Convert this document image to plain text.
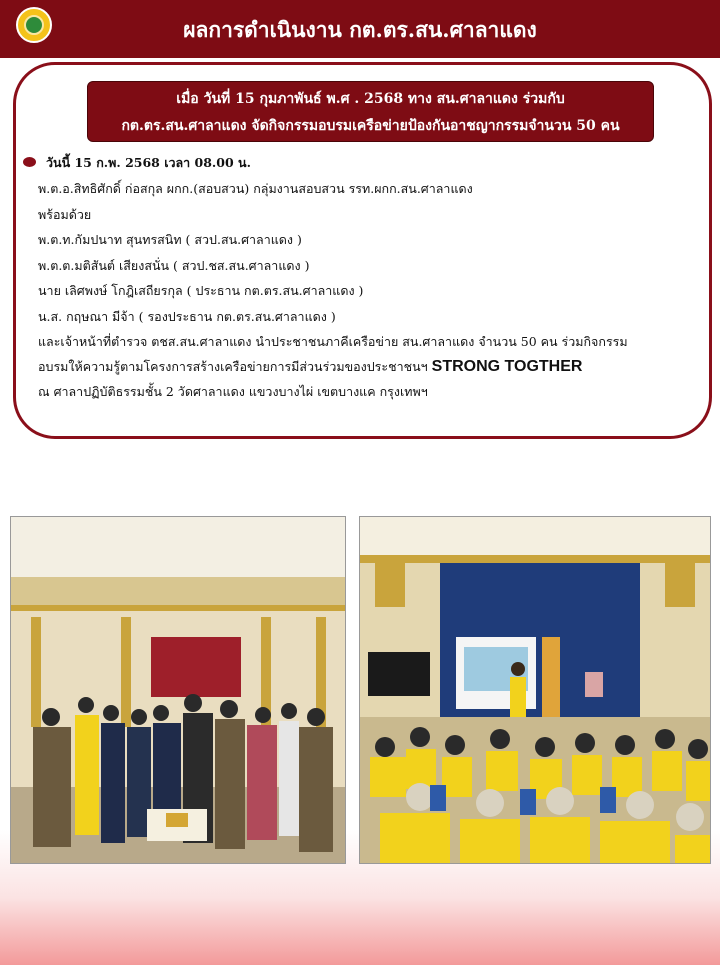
ผลการดำเนินงาน กต.ตร.สน.ศาลาแดง
เมื่อ วันที่ 15 กุมภาพันธ์ พ.ศ . 2568 ทาง สน.ศาลาแดง ร่วมกับ
กต.ตร.สน.ศาลาแดง จัดกิจกรรมอบรมเครือข่ายป้องกันอาชญากรรมจำนวน 50 คน
วันนี้ 15 ก.พ. 2568 เวลา 08.00 น.
พ.ต.อ.สิทธิศักดิ์ ก่อสกุล ผกก.(สอบสวน) กลุ่มงานสอบสวน รรท.ผกก.สน.ศาลาแดง
พร้อมด้วย
พ.ต.ท.กัมปนาท สุนทรสนิท ( สวป.สน.ศาลาแดง )
พ.ต.ต.มติสันต์ เสียงสนั่น ( สวป.ชส.สน.ศาลาแดง )
นาย เลิศพงษ์ โกฎิเสถียรกุล ( ประธาน กต.ตร.สน.ศาลาแดง )
น.ส. กฤษณา มีจ้า ( รองประธาน กต.ตร.สน.ศาลาแดง )
และเจ้าหน้าที่ตำรวจ ตชส.สน.ศาลาแดง นำประชาชนภาคีเครือข่าย สน.ศาลาแดง จำนวน 50 คน ร่วมกิจกรรม
อบรมให้ความรู้ตามโครงการสร้างเครือข่ายการมีส่วนร่วมของประชาชนฯ STRONG TOGTHER
ณ ศาลาปฏิบัติธรรมชั้น 2 วัดศาลาแดง แขวงบางไผ่ เขตบางแค กรุงเทพฯ
